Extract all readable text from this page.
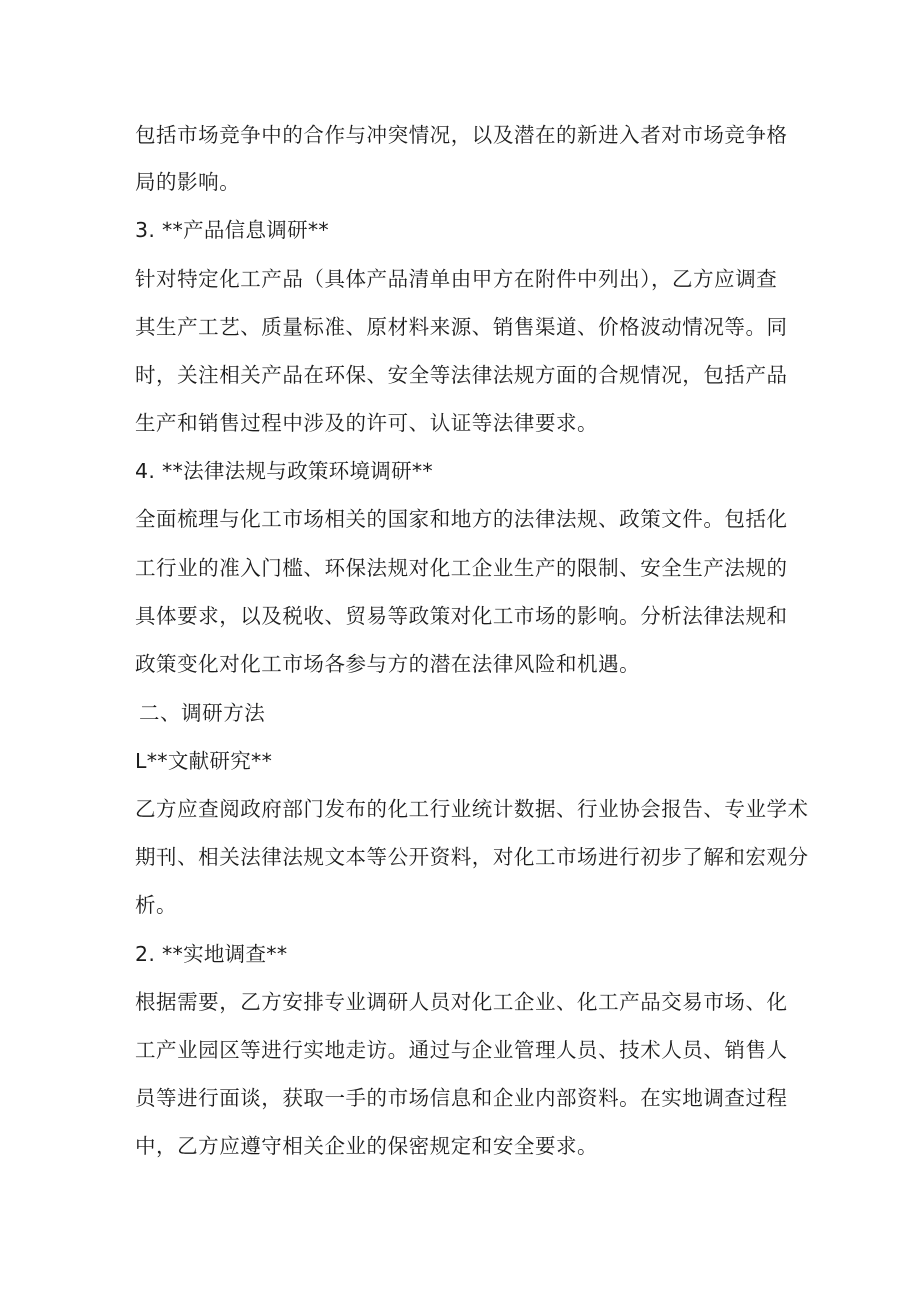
包括市场竞争中的合作与冲突情况，以及潜在的新进入者对市场竞争格

局的影响。

3. **产品信息调研**

针对特定化工产品（具体产品清单由甲方在附件中列出），乙方应调查

其生产工艺、质量标准、原材料来源、销售渠道、价格波动情况等。同

时，关注相关产品在环保、安全等法律法规方面的合规情况，包括产品

生产和销售过程中涉及的许可、认证等法律要求。

4. **法律法规与政策环境调研**

全面梳理与化工市场相关的国家和地方的法律法规、政策文件。包括化

工行业的准入门槛、环保法规对化工企业生产的限制、安全生产法规的

具体要求，以及税收、贸易等政策对化工市场的影响。分析法律法规和

政策变化对化工市场各参与方的潜在法律风险和机遇。

二、调研方法

L**文献研究**

乙方应查阅政府部门发布的化工行业统计数据、行业协会报告、专业学术

期刊、相关法律法规文本等公开资料，对化工市场进行初步了解和宏观分

析。

2. **实地调查**

根据需要，乙方安排专业调研人员对化工企业、化工产品交易市场、化

工产业园区等进行实地走访。通过与企业管理人员、技术人员、销售人

员等进行面谈，获取一手的市场信息和企业内部资料。在实地调查过程

中，乙方应遵守相关企业的保密规定和安全要求。
